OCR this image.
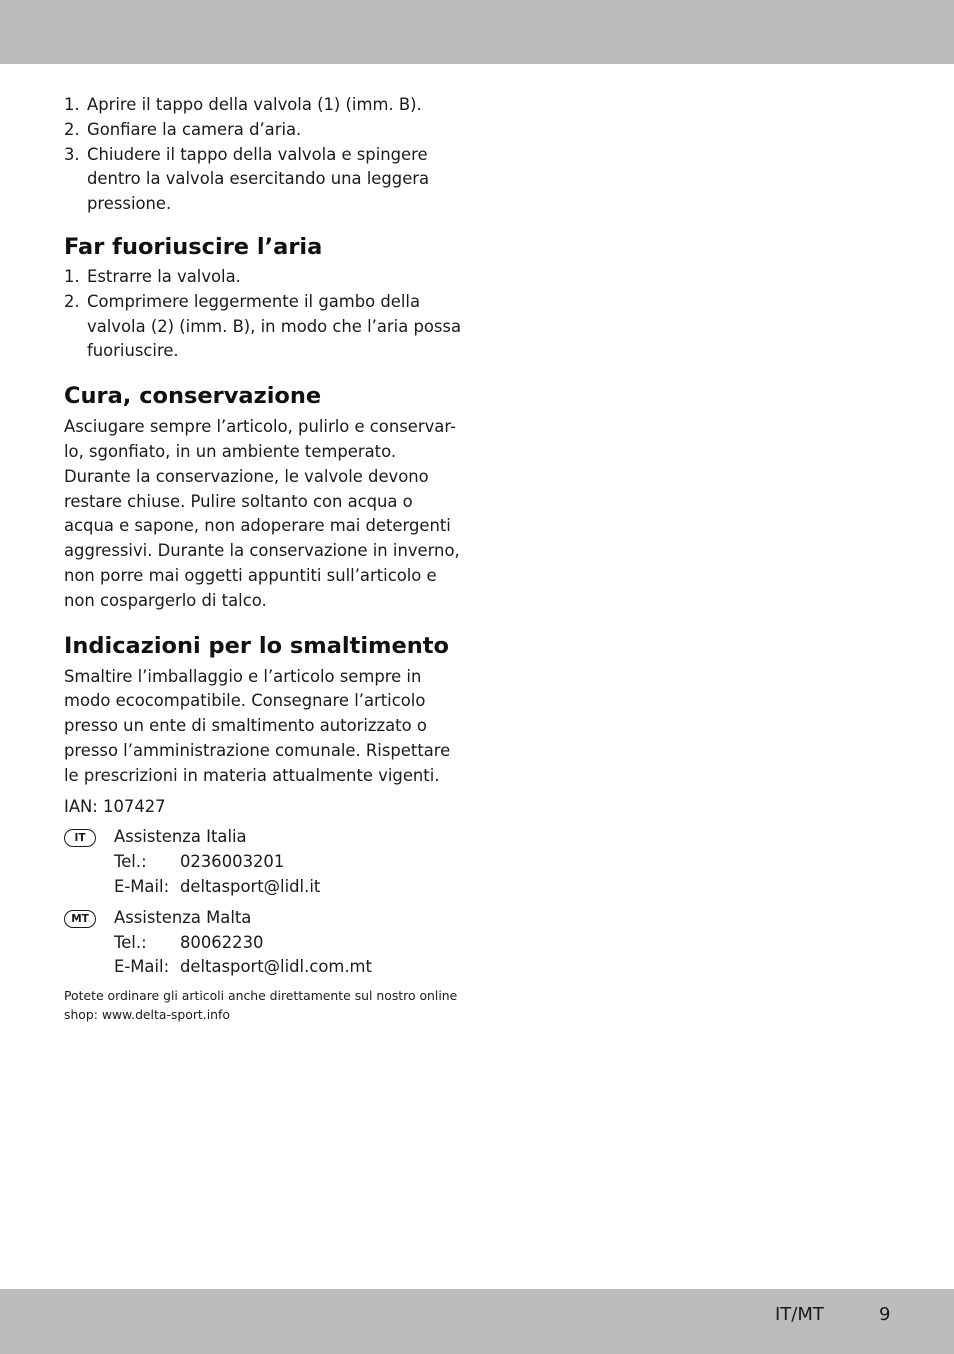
1. Aprire il tappo della valvola (1) (imm. B).
2. Gonfiare la camera d’aria.
3. Chiudere il tappo della valvola e spingere dentro la valvola esercitando una leggera pressione.
Far fuoriuscire l’aria
1. Estrarre la valvola.
2. Comprimere leggermente il gambo della valvola (2) (imm. B), in modo che l’aria possa fuoriuscire.
Cura, conservazione

Asciugare sempre l’articolo, pulirlo e conservar-lo, sgonfiato, in un ambiente temperato. Durante la conservazione, le valvole devono restare chiuse. Pulire soltanto con acqua o acqua e sapone, non adoperare mai detergenti aggressivi. Durante la conservazione in inverno, non porre mai oggetti appuntiti sull’articolo e non cospargerlo di talco.

Indicazioni per lo smaltimento

Smaltire l’imballaggio e l’articolo sempre in modo ecocompatibile. Consegnare l’articolo presso un ente di smaltimento autorizzato o presso l’amministrazione comunale. Rispettare le prescrizioni in materia attualmente vigenti.

IAN: 107427

IT	Assistenza Italia
Tel.:	0236003201
E-Mail: deltasport@lidl.it
MT	Assistenza Malta
Tel.:	80062230
E-Mail: deltasport@lidl.com.mt

Potete ordinare gli articoli anche direttamente sul nostro online shop: www.delta-sport.info

IT/MT	9
